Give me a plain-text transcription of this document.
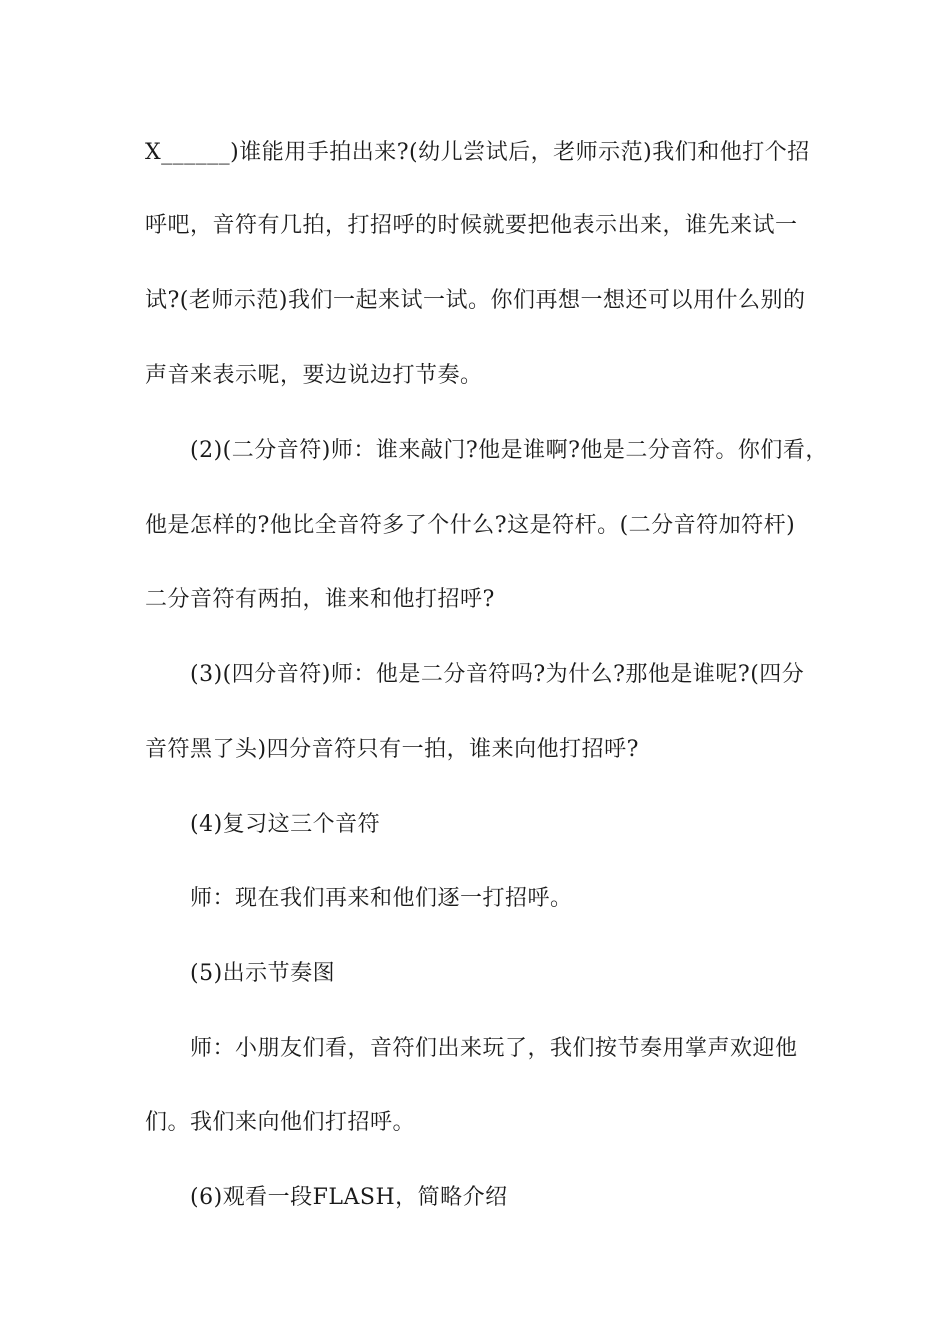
X______)谁能用手拍出来?(幼儿尝试后，老师示范)我们和他打个招
呼吧，音符有几拍，打招呼的时候就要把他表示出来，谁先来试一
试?(老师示范)我们一起来试一试。你们再想一想还可以用什么别的
声音来表示呢，要边说边打节奏。
(2)(二分音符)师：谁来敲门?他是谁啊?他是二分音符。你们看，
他是怎样的?他比全音符多了个什么?这是符杆。(二分音符加符杆)
二分音符有两拍，谁来和他打招呼?
(3)(四分音符)师：他是二分音符吗?为什么?那他是谁呢?(四分
音符黑了头)四分音符只有一拍，谁来向他打招呼?
(4)复习这三个音符
师：现在我们再来和他们逐一打招呼。
(5)出示节奏图
师：小朋友们看，音符们出来玩了，我们按节奏用掌声欢迎他
们。我们来向他们打招呼。
(6)观看一段FLASH，简略介绍
